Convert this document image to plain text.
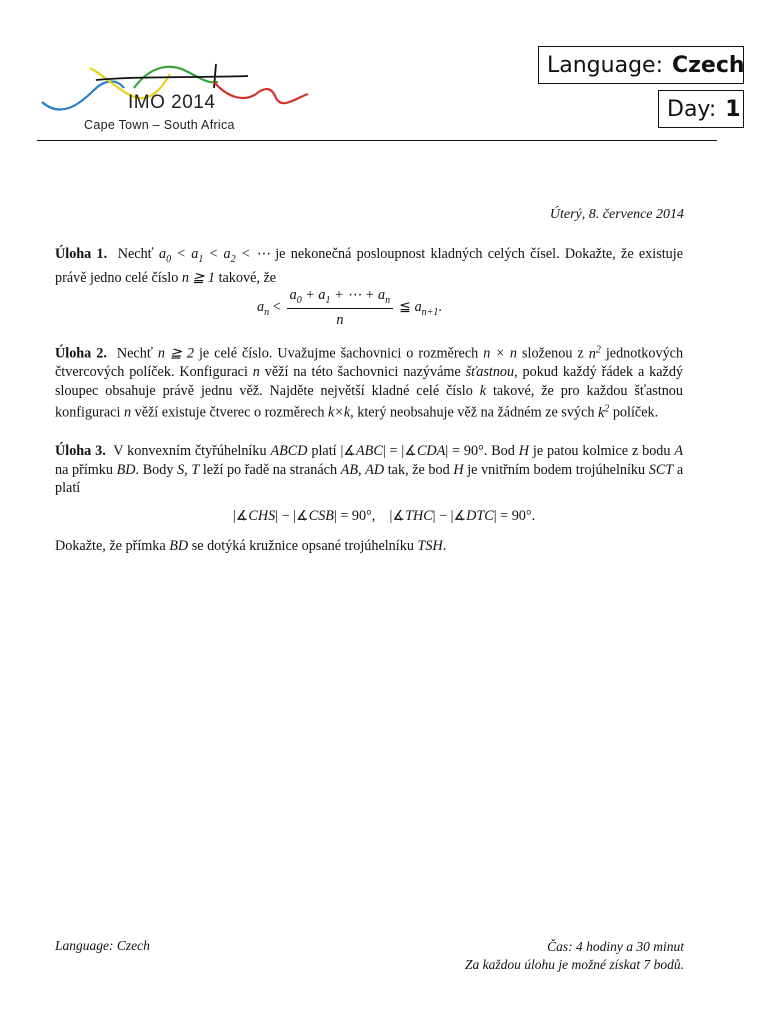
IMO 2014
Cape Town – South Africa
Language: Czech
Day: 1
Úterý, 8. července 2014
Úloha 1. Nechť $a_0 < a_1 < a_2$ < ⋯ je nekonečná posloupnost kladných celých čísel. Dokažte, že existuje právě jedno celé číslo n ≧ 1 takové, že
$a_n < \frac{a_0 + a_1 + \cdots + a_n}{n}$ ≦ $a_{n+1}$ .
Úloha 2. Nechť n ≧ 2 je celé číslo. Uvažujme šachovnici o rozměrech n × n složenou z $n^2$ jednotkových čtvercových políček. Konfiguraci n věží na této šachovnici nazýváme šťastnou, pokud každý řádek a každý sloupec obsahuje právě jednu věž. Najděte největší kladné celé číslo k takové, že pro každou šťastnou konfiguraci n věží existuje čtverec o rozměrech k×k, který neobsahuje věž na žádném ze svých $k^2$ políček.
Úloha 3. V konvexním čtyřúhelníku ABCD platí |∡ABC| = |∡CDA| = 90°. Bod H je patou kolmice z bodu A na přímku BD. Body S, T leží po řadě na stranách AB, AD tak, že bod H je vnitřním bodem trojúhelníku SCT a platí
|∡CHS| − |∡CSB| = 90°,    |∡THC| − |∡DTC| = 90°.
Dokažte, že přímka BD se dotýká kružnice opsané trojúhelníku TSH.
Language: Czech	Čas: 4 hodiny a 30 minut
Za každou úlohu je možné získat 7 bodů.
